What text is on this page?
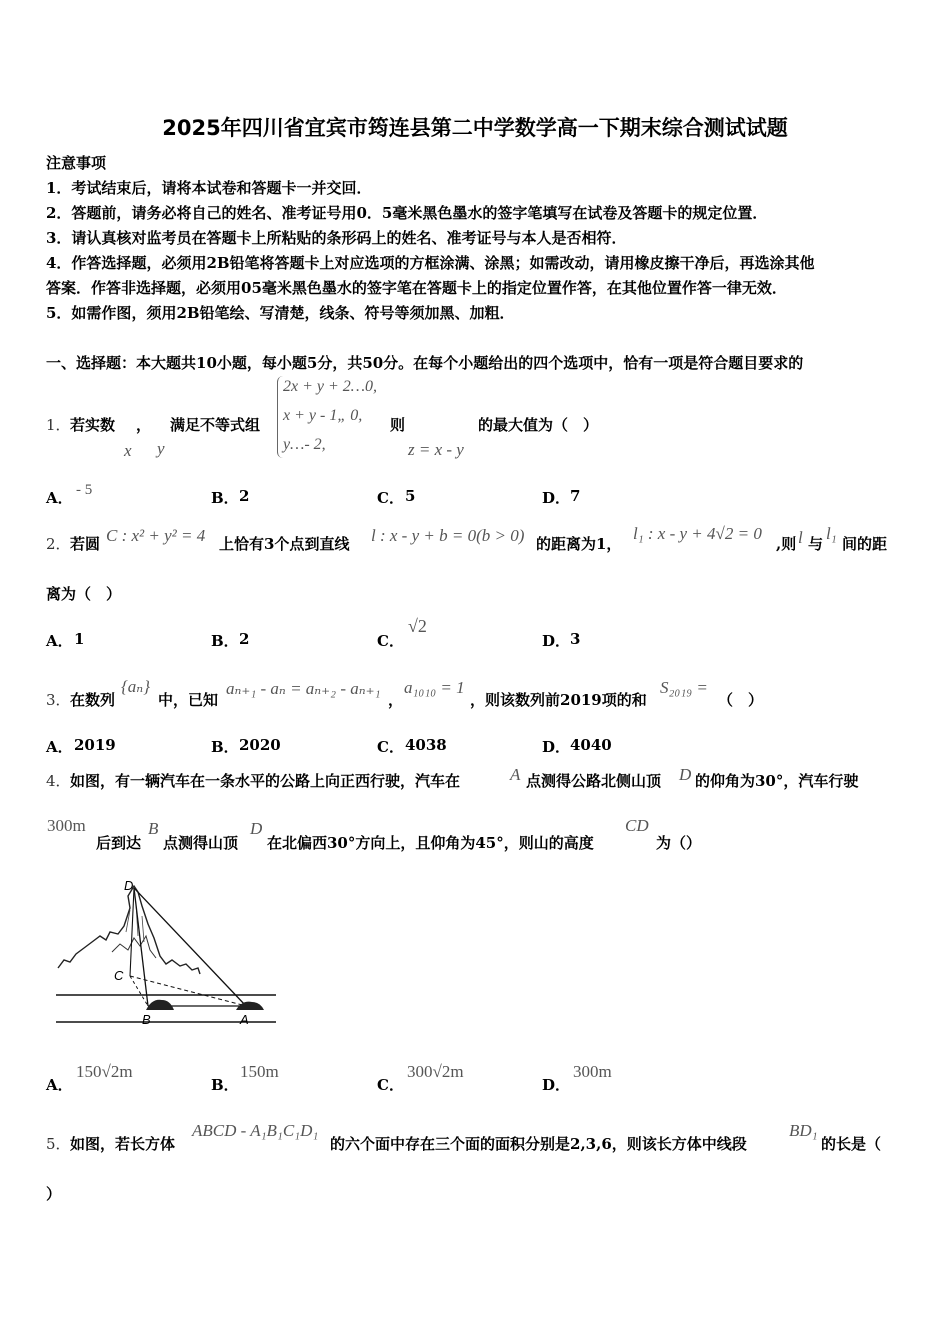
2025年四川省宜宾市筠连县第二中学数学高一下期末综合测试试题
注意事项
1．考试结束后，请将本试卷和答题卡一并交回．
2．答题前，请务必将自己的姓名、准考证号用0．5毫米黑色墨水的签字笔填写在试卷及答题卡的规定位置．
3．请认真核对监考员在答题卡上所粘贴的条形码上的姓名、准考证号与本人是否相符．
4．作答选择题，必须用2B铅笔将答题卡上对应选项的方框涂满、涂黑；如需改动，请用橡皮擦干净后，再选涂其他
答案．作答非选择题，必须用05毫米黑色墨水的签字笔在答题卡上的指定位置作答，在其他位置作答一律无效．
5．如需作图，须用2B铅笔绘、写清楚，线条、符号等须加黑、加粗．
一、选择题：本大题共10小题，每小题5分，共50分。在每个小题给出的四个选项中，恰有一项是符合题目要求的
1． 若实数
x
，
y
满足不等式组
2x + y + 2…0,
x + y - 1„ 0,
y…- 2,
则
z = x - y
的最大值为（　）
A． - 5	B． 2	C． 5	D． 7
2． 若圆 C : x² + y² = 4 上恰有3个点到直线 l : x - y + b = 0(b > 0) 的距离为1，
l₁ : x - y + 4√2 = 0
,则 l 与
l₁
间的距
离为（　）
A． 1	B． 2	C．
√2
D． 3
3． 在数列
{aₙ}
中，已知
aₙ₊₁ - aₙ = aₙ₊₂ - aₙ₊₁
，
a₁₀₁₀ = 1
，则该数列前2019项的和
S₂₀₁₉ =
（　）
A． 2019	B． 2020	C． 4038	D． 4040
4． 如图，有一辆汽车在一条水平的公路上向正西行驶，汽车在	A 点测得公路北侧山顶 D 的仰角为30°，汽车行驶
300m
后到达
B
点测得山顶
D
在北偏西30°方向上，且仰角为45°，则山的高度
CD
为（）
D
C
B	A
A．
150√2m
B．
150m
C．
300√2m
D．
300m
5． 如图，若长方体
ABCD - A₁B₁C₁D₁
的六个面中存在三个面的面积分别是2,3,6，则该长方体中线段
BD₁
的长是（
）
